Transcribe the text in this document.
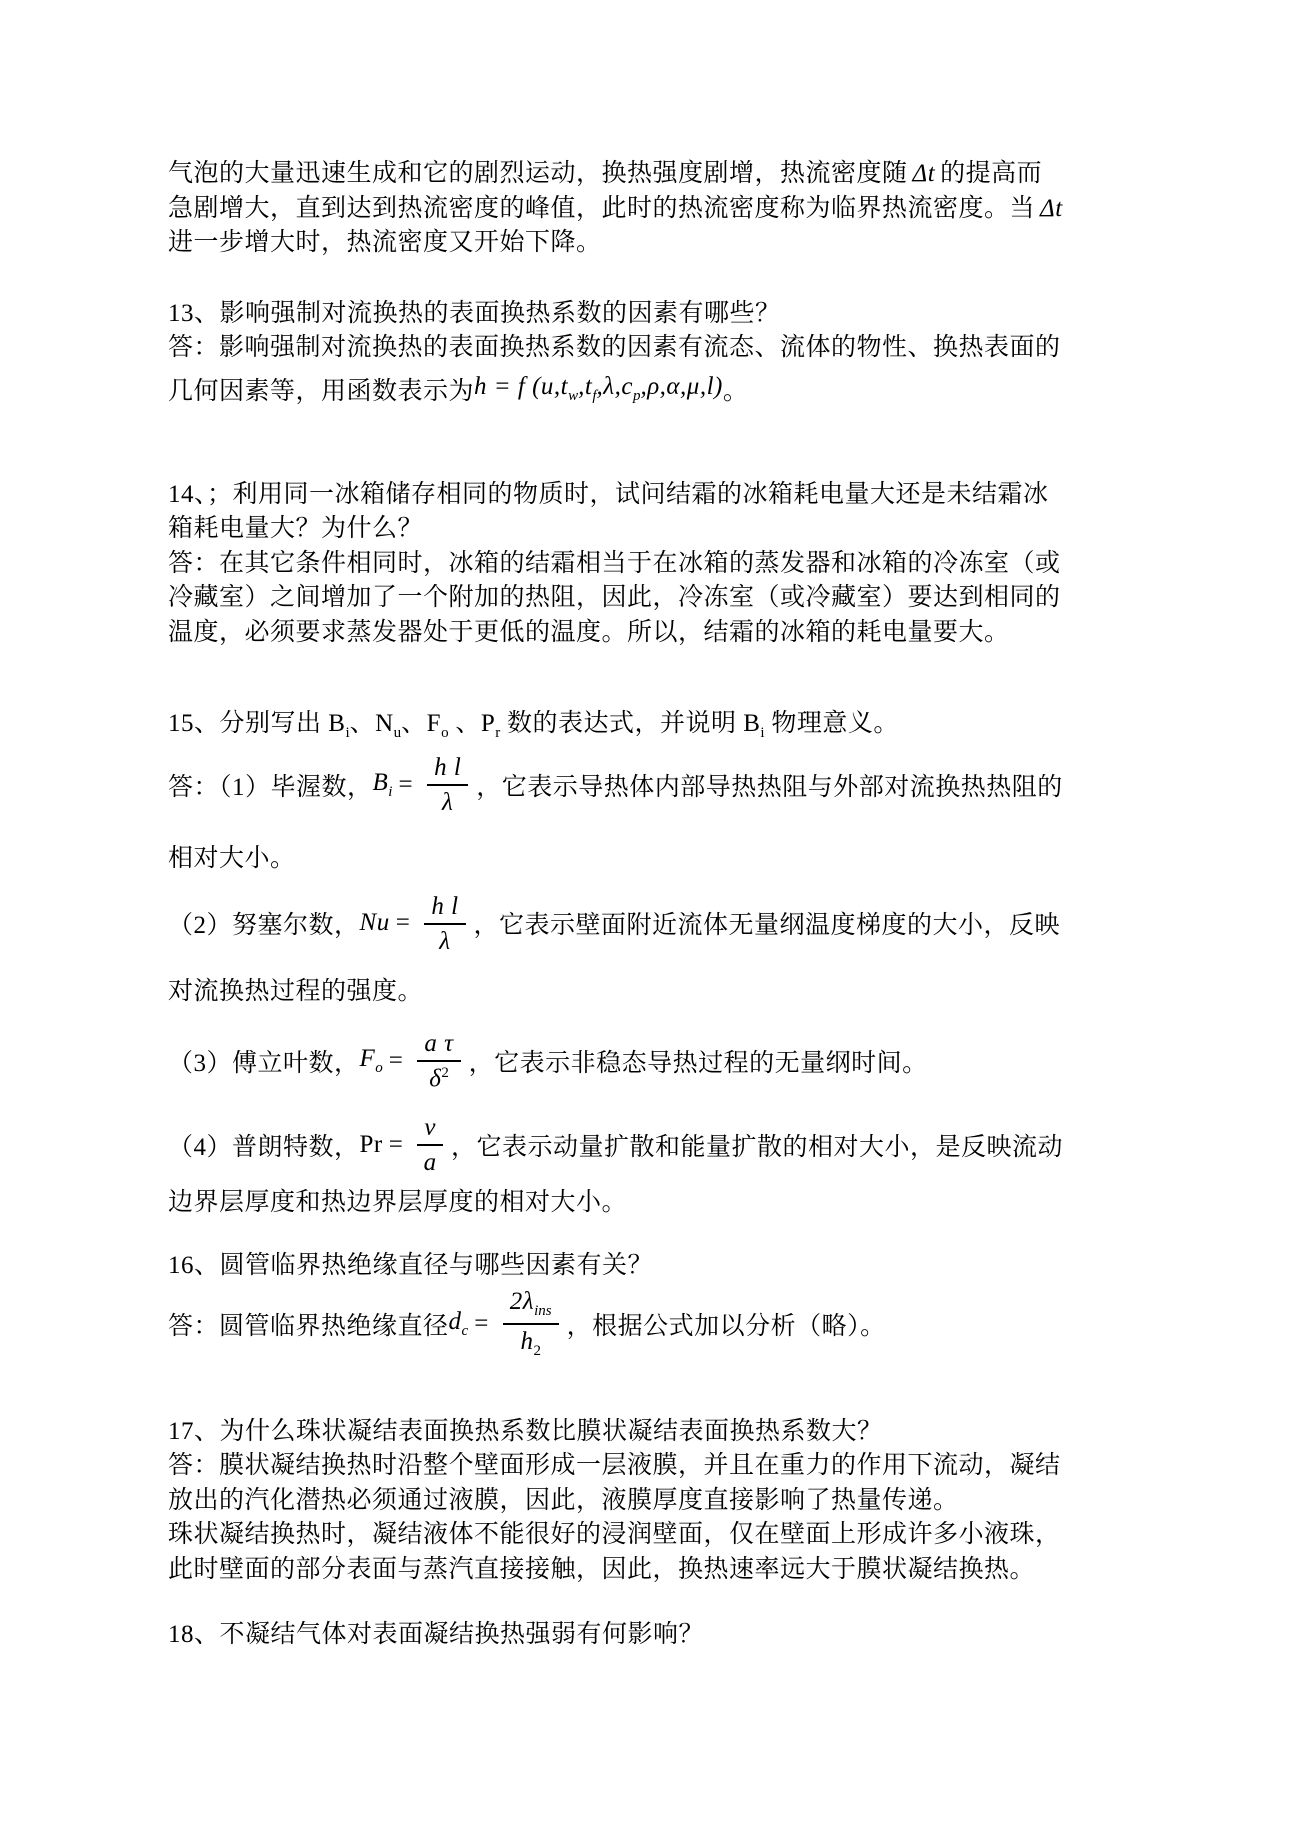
气泡的大量迅速生成和它的剧烈运动，换热强度剧增，热流密度随 Δt 的提高而
急剧增大，直到达到热流密度的峰值，此时的热流密度称为临界热流密度。当 Δt
进一步增大时，热流密度又开始下降。
13、影响强制对流换热的表面换热系数的因素有哪些？
答：影响强制对流换热的表面换热系数的因素有流态、流体的物性、换热表面的
几何因素等，用函数表示为 h = f $(u,t_w,t_f,\lambda,c_p,\rho,\alpha,\mu,l)$ 。
14、；利用同一冰箱储存相同的物质时，试问结霜的冰箱耗电量大还是未结霜冰
箱耗电量大？为什么？
答：在其它条件相同时，冰箱的结霜相当于在冰箱的蒸发器和冰箱的冷冻室（或
冷藏室）之间增加了一个附加的热阻，因此，冷冻室（或冷藏室）要达到相同的
温度，必须要求蒸发器处于更低的温度。所以，结霜的冰箱的耗电量要大。
15、分别写出 $B_i$、$N_u$、$F_o$ 、$P_r$ 数的表达式，并说明 $B_i$ 物理意义。
答：（1）毕渥数， $B_i = \frac{\text{h l}}{\lambda}$ ，它表示导热体内部导热热阻与外部对流换热热阻的
相对大小。
（2）努塞尔数， $Nu = \frac{\text{h l}}{\lambda}$ ，它表示壁面附近流体无量纲温度梯度的大小，反映
对流换热过程的强度。
（3）傅立叶数， $F_o = \frac{\text{a τ}}{\delta^2}$ ，它表示非稳态导热过程的无量纲时间。
（4）普朗特数， $Pr = \frac{\nu}{a}$ ，它表示动量扩散和能量扩散的相对大小，是反映流动
边界层厚度和热边界层厚度的相对大小。
16、圆管临界热绝缘直径与哪些因素有关？
答：圆管临界热绝缘直径 $d_c = \frac{2\lambda_{ins}}{h_2}$ ，根据公式加以分析（略）。
17、为什么珠状凝结表面换热系数比膜状凝结表面换热系数大？
答：膜状凝结换热时沿整个壁面形成一层液膜，并且在重力的作用下流动，凝结
放出的汽化潜热必须通过液膜，因此，液膜厚度直接影响了热量传递。
珠状凝结换热时，凝结液体不能很好的浸润壁面，仅在壁面上形成许多小液珠，
此时壁面的部分表面与蒸汽直接接触，因此，换热速率远大于膜状凝结换热。
18、不凝结气体对表面凝结换热强弱有何影响？
